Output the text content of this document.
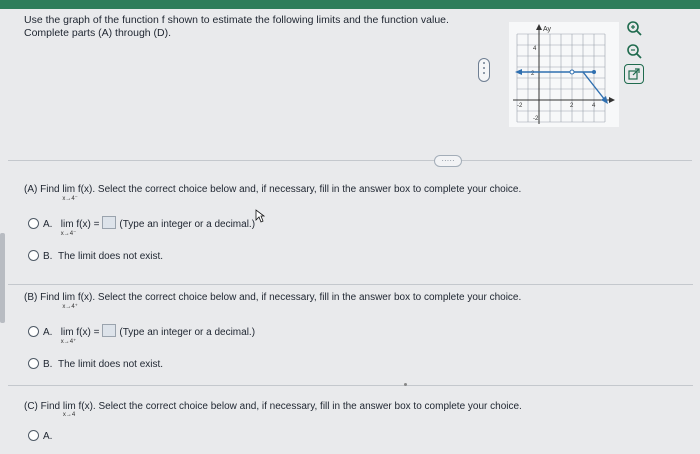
Use the graph of the function f shown to estimate the following limits and the function value.
Complete parts (A) through (D).	Ay
4
2
-2	2	4
-2
·····
(A) Find lim
x→4⁻
f(x). Select the correct choice below and, if necessary, fill in the answer box to complete your choice.
A. lim f(x) =
x→4⁻
(Type an integer or a decimal.)
B. The limit does not exist.
(B) Find lim
x→4⁺
f(x). Select the correct choice below and, if necessary, fill in the answer box to complete your choice.
A. lim f(x) =
x→4⁺
(Type an integer or a decimal.)
B. The limit does not exist.
(C) Find lim
x→4
f(x). Select the correct choice below and, if necessary, fill in the answer box to complete your choice.
A.
